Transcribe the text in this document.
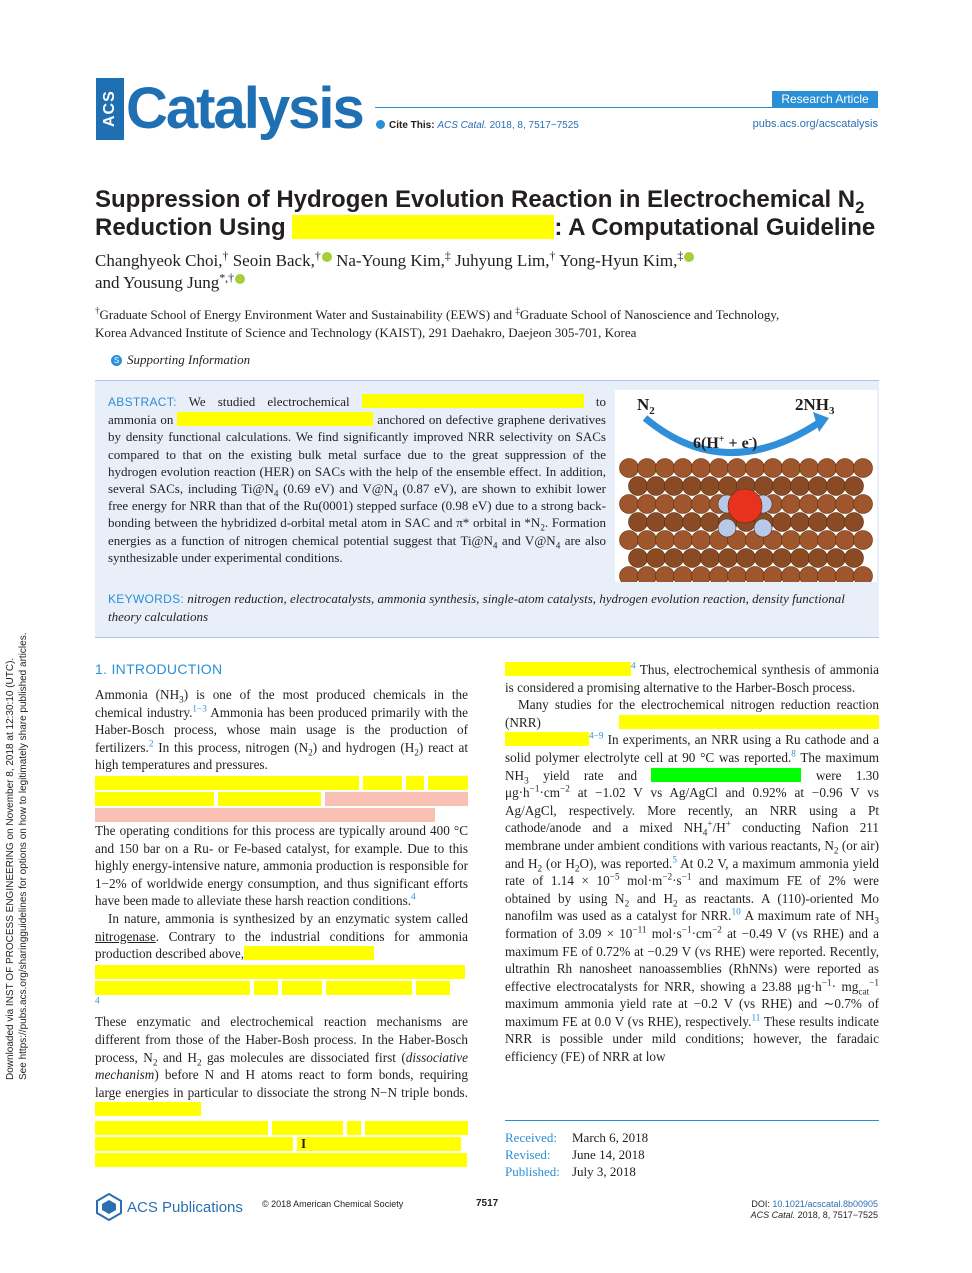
Downloaded via INST OF PROCESS ENGINEERING on November 8, 2018 at 12:30:10 (UTC). See https://pubs.acs.org/sharingguidelines for options on how to legitimately share published articles.
ACS Catalysis	Research Article
Cite This: ACS Catal. 2018, 8, 7517−7525	pubs.acs.org/acscatalysis
Suppression of Hydrogen Evolution Reaction in Electrochemical $N_2$
Reduction Using	: A Computational Guideline
Changhyeok Choi,† Seoin Back,† Na-Young Kim,‡ Juhyung Lim,† Yong-Hyun Kim,‡
and Yousung Jung*,†
†Graduate School of Energy Environment Water and Sustainability (EEWS) and ‡Graduate School of Nanoscience and Technology,
Korea Advanced Institute of Science and Technology (KAIST), 291 Daehakro, Daejeon 305-701, Korea
S Supporting Information
ABSTRACT: We studied electrochemical	to ammonia on	anchored on defective graphene derivatives by density functional calculations. We find significantly improved NRR selectivity on SACs compared to that on the existing bulk metal surface due to the great suppression of the hydrogen evolution reaction (HER) on SACs with the help of the ensemble effect. In addition, several SACs, including $Ti@N_4$ (0.69 eV) and $V@N_4$ (0.87 eV), are shown to exhibit lower free energy for NRR than that of the Ru(0001) stepped surface (0.98 eV) due to a strong back-bonding between the hybridized d-orbital metal atom in SAC and π* orbital in $*N_2$. Formation energies as a function of nitrogen chemical potential suggest that $Ti@N_4$ and $V@N_4$ are also synthesizable under experimental conditions.
$N_2$	$2NH_3$
6(H+ + e-)
KEYWORDS: nitrogen reduction, electrocatalysts, ammonia synthesis, single-atom catalysts, hydrogen evolution reaction, density functional theory calculations
1. INTRODUCTION

Ammonia $(NH_3)$ is one of the most produced chemicals in the chemical industry.$^{1-3}$ Ammonia has been produced primarily with the Haber-Bosch process, whose main usage is the production of fertilizers.$^2$ In this process, nitrogen $(N_2)$ and hydrogen $(H_2)$ react at high temperatures and pressures.
The operating conditions for this process are typically around 400 °C and 150 bar on a Ru- or Fe-based catalyst, for example. Due to this highly energy-intensive nature, ammonia production is responsible for 1−2% of worldwide energy consumption, and thus significant efforts have been made to alleviate these harsh reaction conditions.$^4$

In nature, ammonia is synthesized by an enzymatic system called nitrogenase. Contrary to the industrial conditions for ammonia production described above,
$^4$

These enzymatic and electrochemical reaction mechanisms are different from those of the Haber-Bosh process. In the Haber-Bosch process, $N_2$ and $H_2$ gas molecules are dissociated first (dissociative mechanism) before N and H atoms react to form bonds, requiring large energies in particular to dissociate the strong N−N triple bonds.
I

$^4$ Thus, electrochemical synthesis of ammonia is considered a promising alternative to the Harber-Bosch process.

Many studies for the electrochemical nitrogen reduction reaction (NRR)  $^{4-9}$ In experiments, an NRR using a Ru cathode and a solid polymer electrolyte cell at 90 °C was reported.$^8$ The maximum $NH_3$ yield rate and	were 1.30 $\mu g\cdot h^{-1}\cdot cm^{-2}$ at −1.02 V vs Ag/AgCl and 0.92% at −0.96 V vs Ag/AgCl, respectively. More recently, an NRR using a Pt cathode/anode and a mixed $NH_4^+/H^+$ conducting Nafion 211 membrane under ambient conditions with various reactants, $N_2$ (or air) and $H_2$ (or $H_2O$), was reported.$^5$ At 0.2 V, a maximum ammonia yield rate of $1.14 \times 10^{-5}$ $mol\cdot m^{-2}\cdot s^{-1}$ and maximum FE of 2% were obtained by using $N_2$ and $H_2$ as reactants. A (110)-oriented Mo nanofilm was used as a catalyst for NRR.$^{10}$ A maximum rate of $NH_3$ formation of $3.09 \times 10^{-11}$ $mol\cdot s^{-1}\cdot cm^{-2}$ at −0.49 V (vs RHE) and a maximum FE of 0.72% at −0.29 V (vs RHE) were reported. Recently, ultrathin Rh nanosheet nanoassemblies (RhNNs) were reported as effective electrocatalysts for NRR, showing a 23.88 $\mu g\cdot h^{-1}\cdot mg_{cat}^{-1}$ maximum ammonia yield rate at −0.2 V (vs RHE) and ∼0.7% of maximum FE at 0.0 V (vs RHE), respectively.$^{11}$ These results indicate NRR is possible under mild conditions; however, the faradaic efficiency (FE) of NRR at low

Received: March 6, 2018
Revised: June 14, 2018
Published: July 3, 2018
ACS Publications © 2018 American Chemical Society	7517	DOI: 10.1021/acscatal.8b00905
ACS Catal. 2018, 8, 7517−7525
